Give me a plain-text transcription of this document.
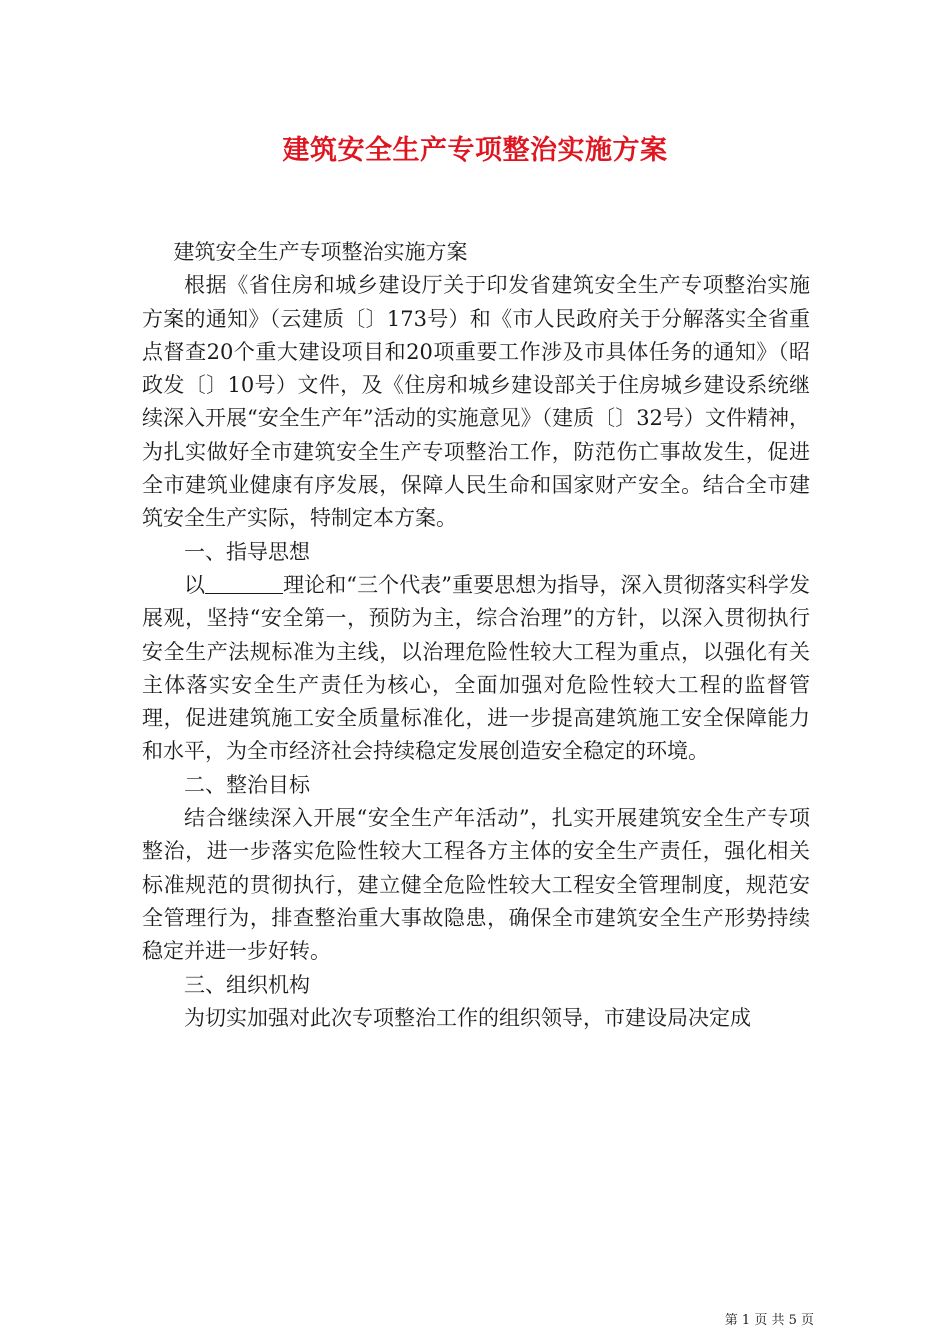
建筑安全生产专项整治实施方案

建筑安全生产专项整治实施方案

根据《省住房和城乡建设厅关于印发省建筑安全生产专项整治实施方案的通知》（云建质〔〕173号）和《市人民政府关于分解落实全省重点督查20个重大建设项目和20项重要工作涉及市具体任务的通知》（昭政发〔〕10号）文件，及《住房和城乡建设部关于住房城乡建设系统继续深入开展“安全生产年”活动的实施意见》（建质〔〕32号）文件精神，为扎实做好全市建筑安全生产专项整治工作，防范伤亡事故发生，促进全市建筑业健康有序发展，保障人民生命和国家财产安全。结合全市建筑安全生产实际，特制定本方案。

一、指导思想

以	理论和“三个代表”重要思想为指导，深入贯彻落实科学发展观，坚持“安全第一，预防为主，综合治理”的方针，以深入贯彻执行安全生产法规标准为主线，以治理危险性较大工程为重点，以强化有关主体落实安全生产责任为核心，全面加强对危险性较大工程的监督管理，促进建筑施工安全质量标准化，进一步提高建筑施工安全保障能力和水平，为全市经济社会持续稳定发展创造安全稳定的环境。

二、整治目标

结合继续深入开展“安全生产年活动”，扎实开展建筑安全生产专项整治，进一步落实危险性较大工程各方主体的安全生产责任，强化相关标准规范的贯彻执行，建立健全危险性较大工程安全管理制度，规范安全管理行为，排查整治重大事故隐患，确保全市建筑安全生产形势持续稳定并进一步好转。

三、组织机构

为切实加强对此次专项整治工作的组织领导，市建设局决定成

第 1 页 共 5 页
